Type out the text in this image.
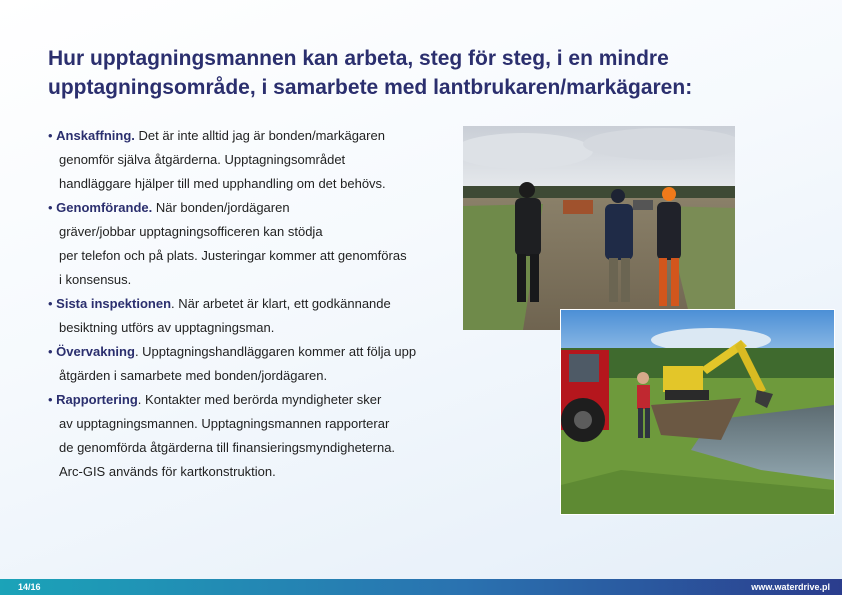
Hur upptagningsmannen kan arbeta, steg för steg, i en mindre
upptagningsområde, i samarbete med lantbrukaren/markägaren:
• Anskaffning. Det är inte alltid jag är bonden/markägaren
genomför själva åtgärderna. Upptagningsområdet
handläggare hjälper till med upphandling om det behövs.
• Genomförande. När bonden/jordägaren
gräver/jobbar upptagningsofficeren kan stödja
per telefon och på plats. Justeringar kommer att genomföras
i konsensus.
• Sista inspektionen. När arbetet är klart, ett godkännande
besiktning utförs av upptagningsman.
• Övervakning. Upptagningshandläggaren kommer att följa upp
åtgärden i samarbete med bonden/jordägaren.
• Rapportering. Kontakter med berörda myndigheter sker
av upptagningsmannen. Upptagningsmannen rapporterar
de genomförda åtgärderna till finansieringsmyndigheterna.
Arc-GIS används för kartkonstruktion.
14/16	www.waterdrive.pl
